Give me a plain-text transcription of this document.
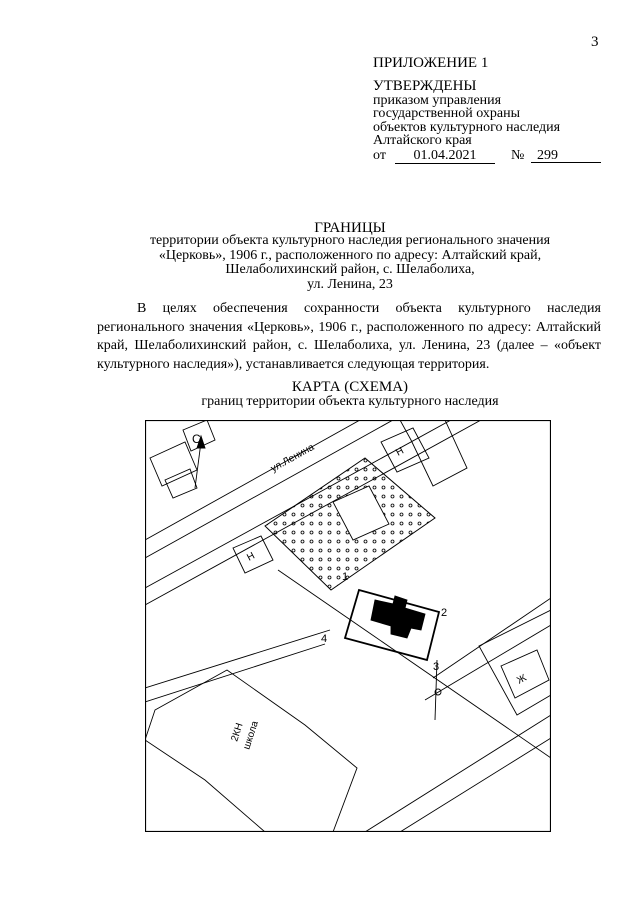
3
ПРИЛОЖЕНИЕ 1
УТВЕРЖДЕНЫ
приказом управления
государственной охраны
объектов культурного наследия
Алтайского края
от	01.04.2021	№ 299
ГРАНИЦЫ
территории объекта культурного наследия регионального значения
«Церковь», 1906 г., расположенного по адресу: Алтайский край,
Шелаболихинский район, с. Шелаболиха,
ул. Ленина, 23
В целях обеспечения сохранности объекта культурного наследия регионального значения «Церковь», 1906 г., расположенного по адресу: Алтайский край, Шелаболихинский район, с. Шелаболиха, ул. Ленина, 23 (далее – «объект культурного наследия»), устанавливается следующая территория.
КАРТА (СХЕМА)
границ территории объекта культурного наследия
С
ул.Ленина	Н
Н
Ж
2КН
школа
1
2
3
4
